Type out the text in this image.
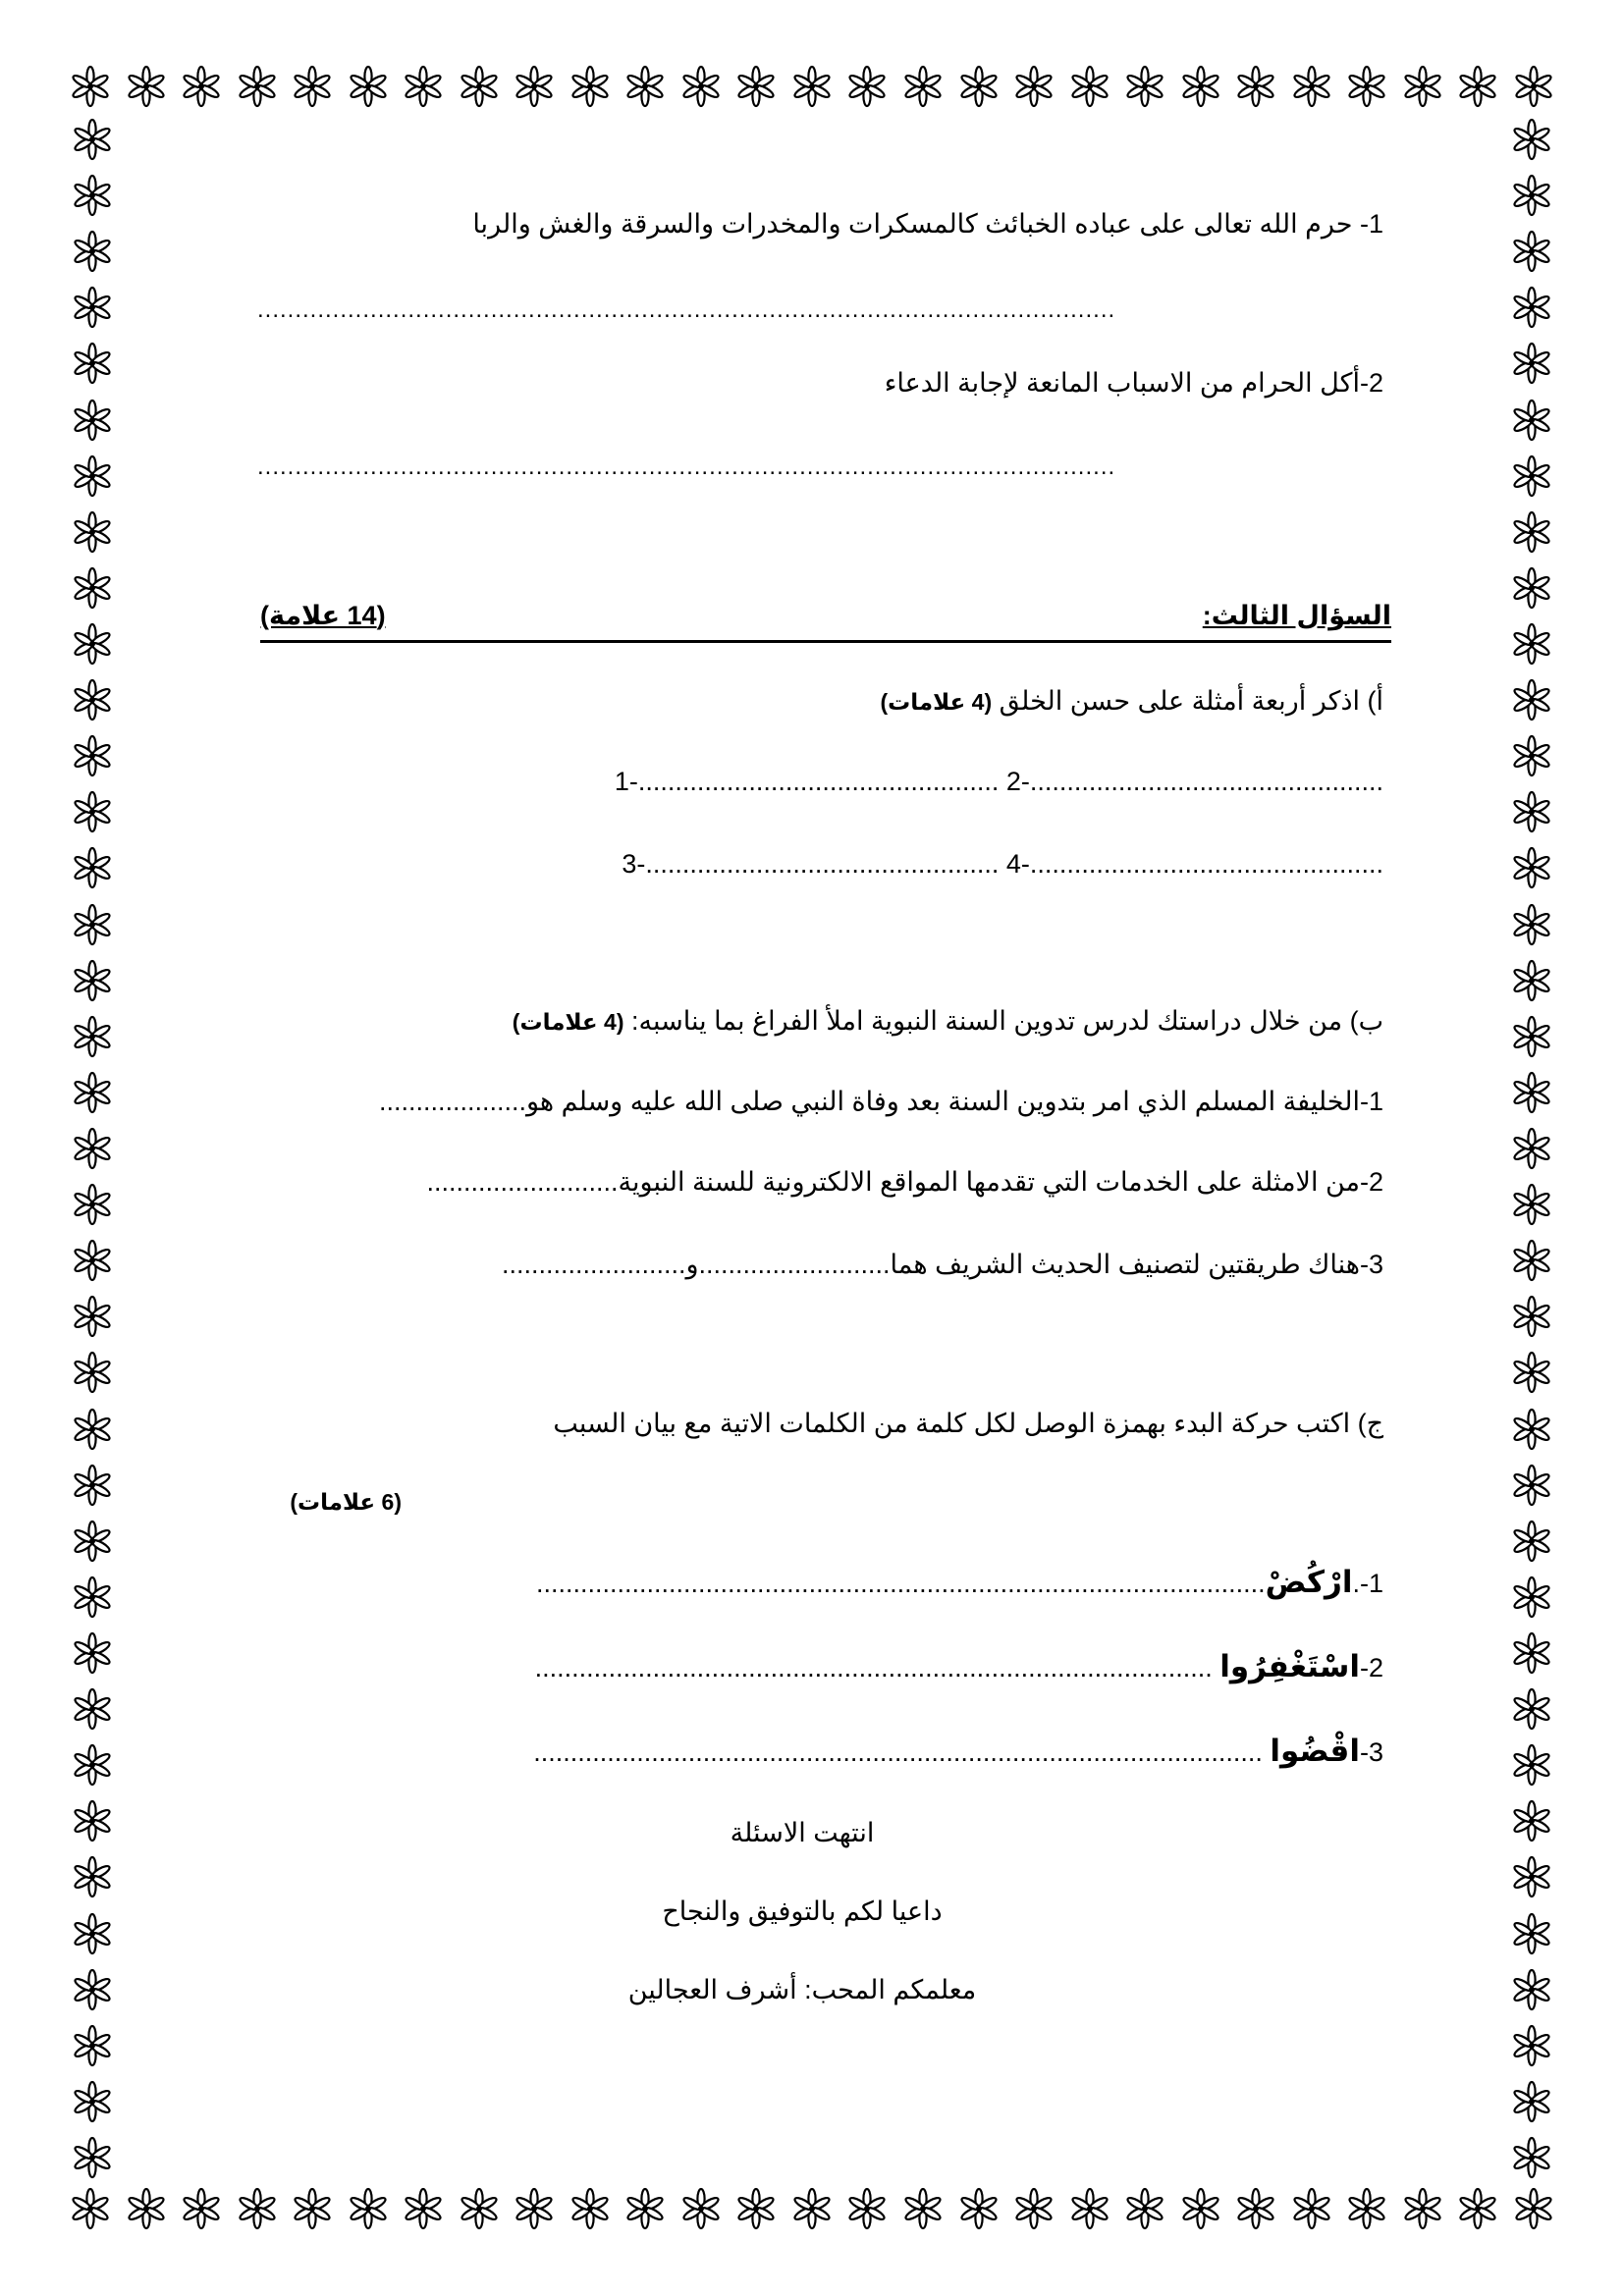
1- حرم الله تعالى على عباده الخبائث كالمسكرات والمخدرات والسرقة والغش والربا
..................................................................................................................
2-أكل الحرام من الاسباب المانعة لإجابة الدعاء
..................................................................................................................
السؤال الثالث:
(14 علامة)
أ) اذكر أربعة أمثلة على حسن الخلق (4 علامات)
1-................................................. 2-................................................
3-................................................ 4-................................................
ب) من خلال دراستك لدرس تدوين السنة النبوية املأ الفراغ بما يناسبه: (4 علامات)
1-الخليفة المسلم الذي امر بتدوين السنة بعد وفاة النبي صلى الله عليه وسلم هو....................
2-من الامثلة على الخدمات التي تقدمها المواقع الالكترونية للسنة النبوية..........................
3-هناك طريقتين لتصنيف الحديث الشريف هما..........................و.........................
ج) اكتب حركة البدء بهمزة الوصل لكل كلمة من الكلمات الاتية مع بيان السبب
(6 علامات)
1-.ارْكُضْ...................................................................................................
2-اسْتَغْفِرُوا ............................................................................................
3-اقْضُوا ...................................................................................................
انتهت الاسئلة
داعيا لكم بالتوفيق والنجاح
معلمكم المحب: أشرف العجالين
